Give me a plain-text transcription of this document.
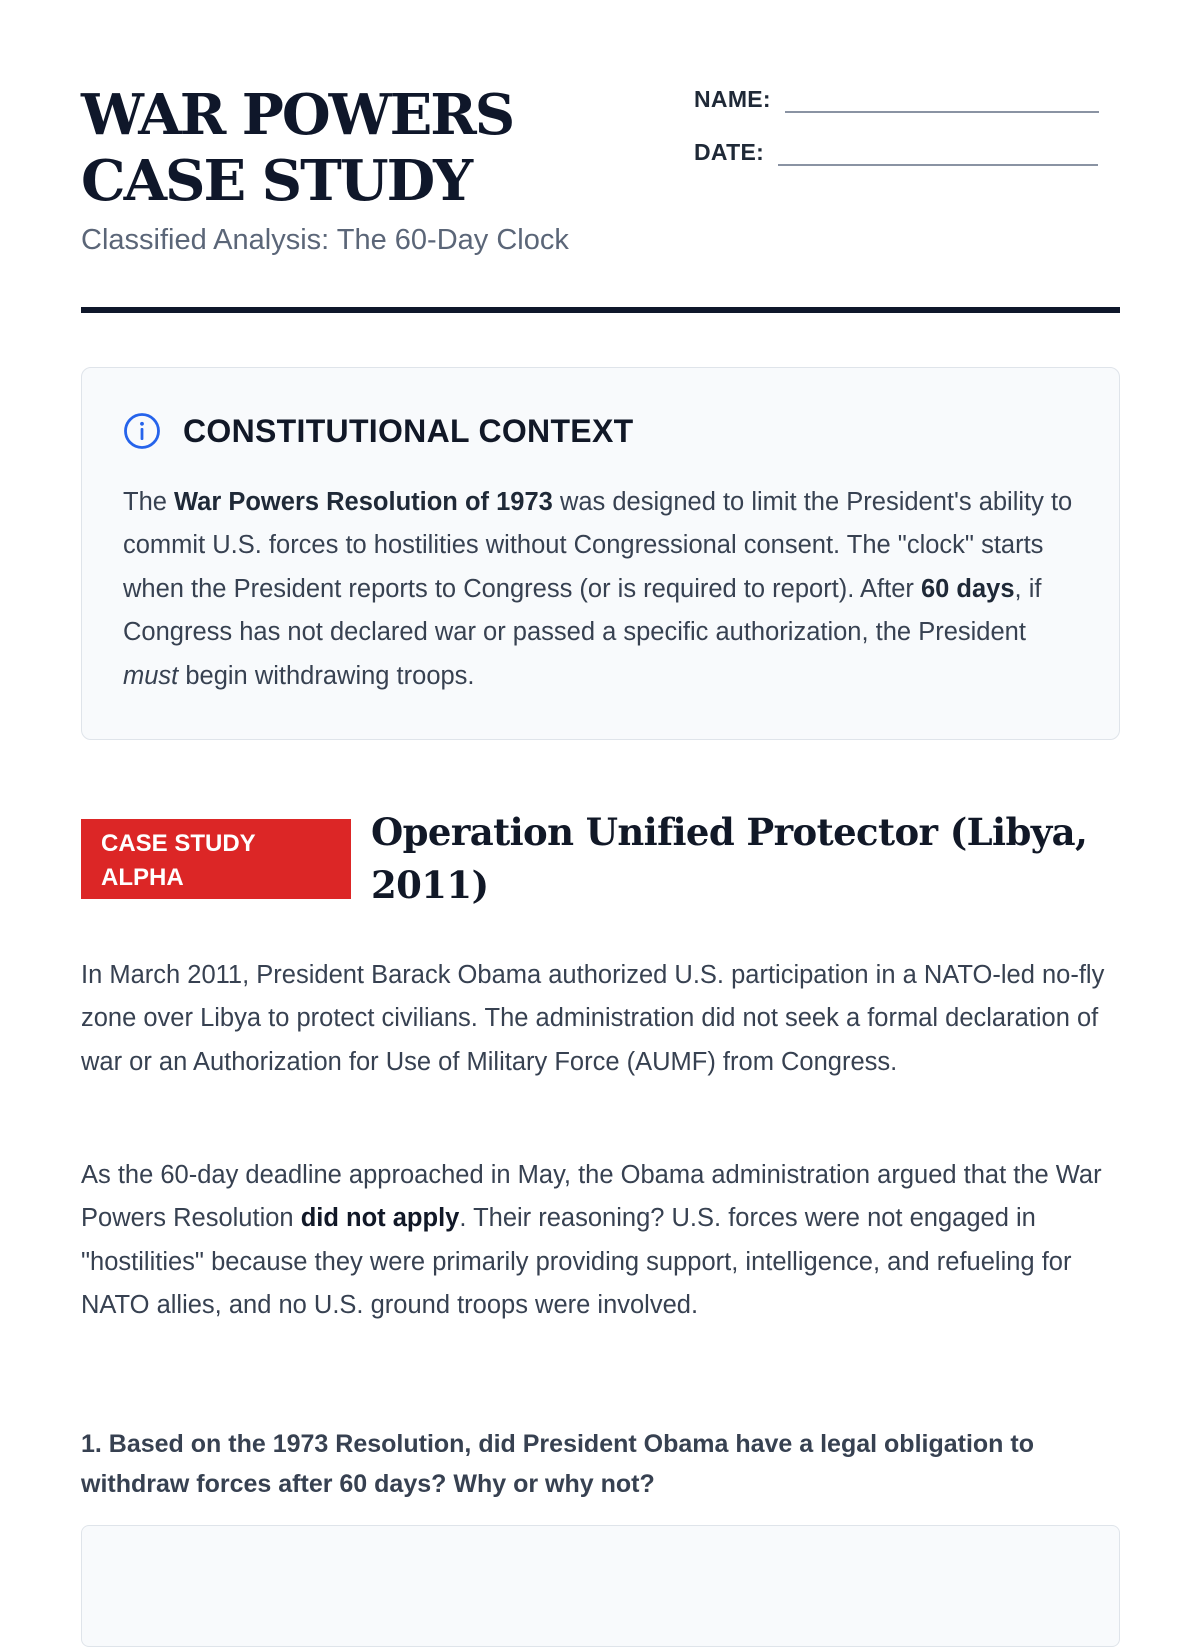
WAR POWERS CASE STUDY

Classified Analysis: The 60-Day Clock

NAME:
DATE:
CONSTITUTIONAL CONTEXT

The War Powers Resolution of 1973 was designed to limit the President's ability to commit U.S. forces to hostilities without Congressional consent. The "clock" starts when the President reports to Congress (or is required to report). After 60 days, if Congress has not declared war or passed a specific authorization, the President must begin withdrawing troops.

CASE STUDY ALPHA
Operation Unified Protector (Libya, 2011)

In March 2011, President Barack Obama authorized U.S. participation in a NATO-led no-fly zone over Libya to protect civilians. The administration did not seek a formal declaration of war or an Authorization for Use of Military Force (AUMF) from Congress.

As the 60-day deadline approached in May, the Obama administration argued that the War Powers Resolution did not apply. Their reasoning? U.S. forces were not engaged in "hostilities" because they were primarily providing support, intelligence, and refueling for NATO allies, and no U.S. ground troops were involved.

1. Based on the 1973 Resolution, did President Obama have a legal obligation to withdraw forces after 60 days? Why or why not?
